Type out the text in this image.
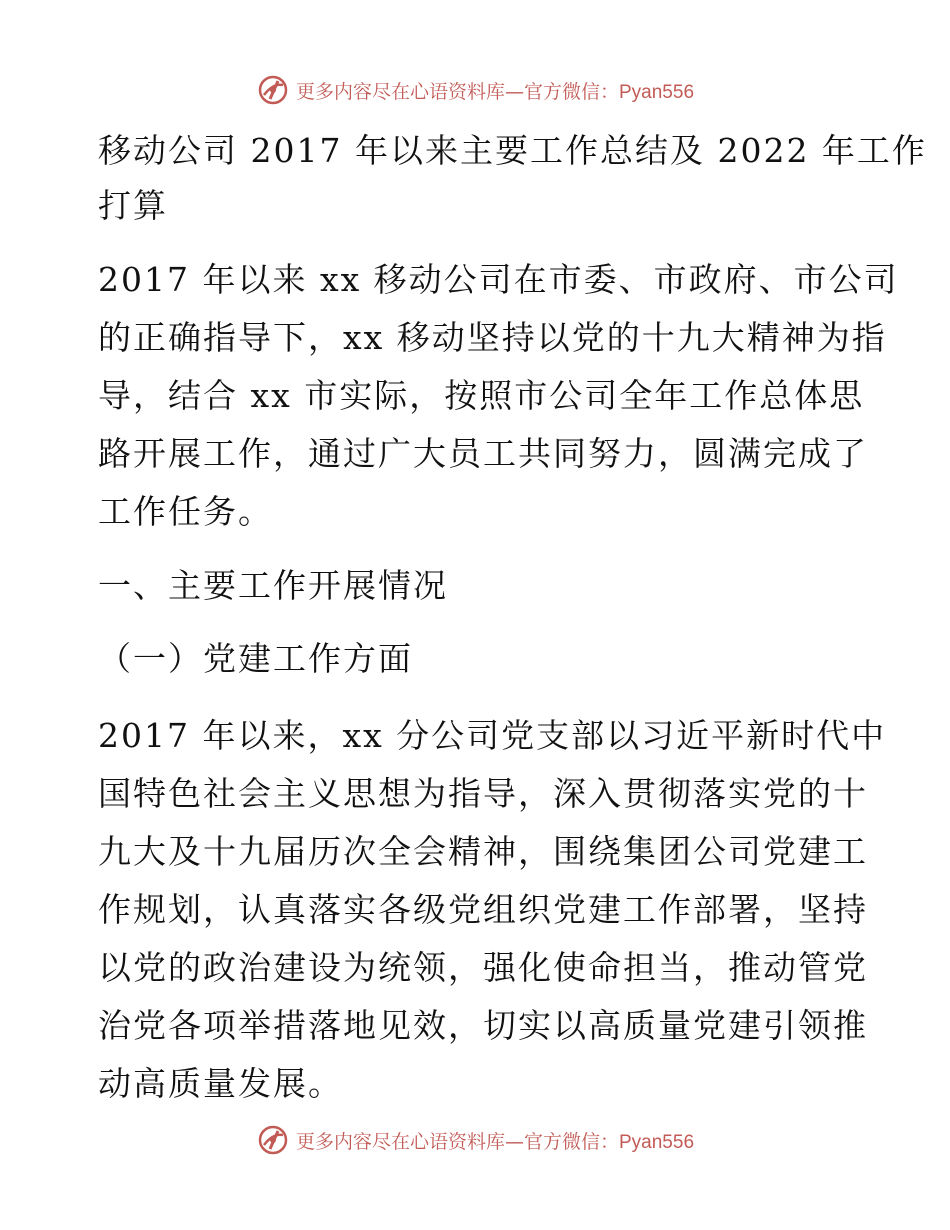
更多内容尽在心语资料库—官方微信：Pyan556
移动公司 2017 年以来主要工作总结及 2022 年工作
打算
2017 年以来 xx 移动公司在市委、市政府、市公司
的正确指导下，xx 移动坚持以党的十九大精神为指
导，结合 xx 市实际，按照市公司全年工作总体思
路开展工作，通过广大员工共同努力，圆满完成了
工作任务。
一、主要工作开展情况
（一）党建工作方面
2017 年以来，xx 分公司党支部以习近平新时代中
国特色社会主义思想为指导，深入贯彻落实党的十
九大及十九届历次全会精神，围绕集团公司党建工
作规划，认真落实各级党组织党建工作部署，坚持
以党的政治建设为统领，强化使命担当，推动管党
治党各项举措落地见效，切实以高质量党建引领推
动高质量发展。
更多内容尽在心语资料库—官方微信：Pyan556
